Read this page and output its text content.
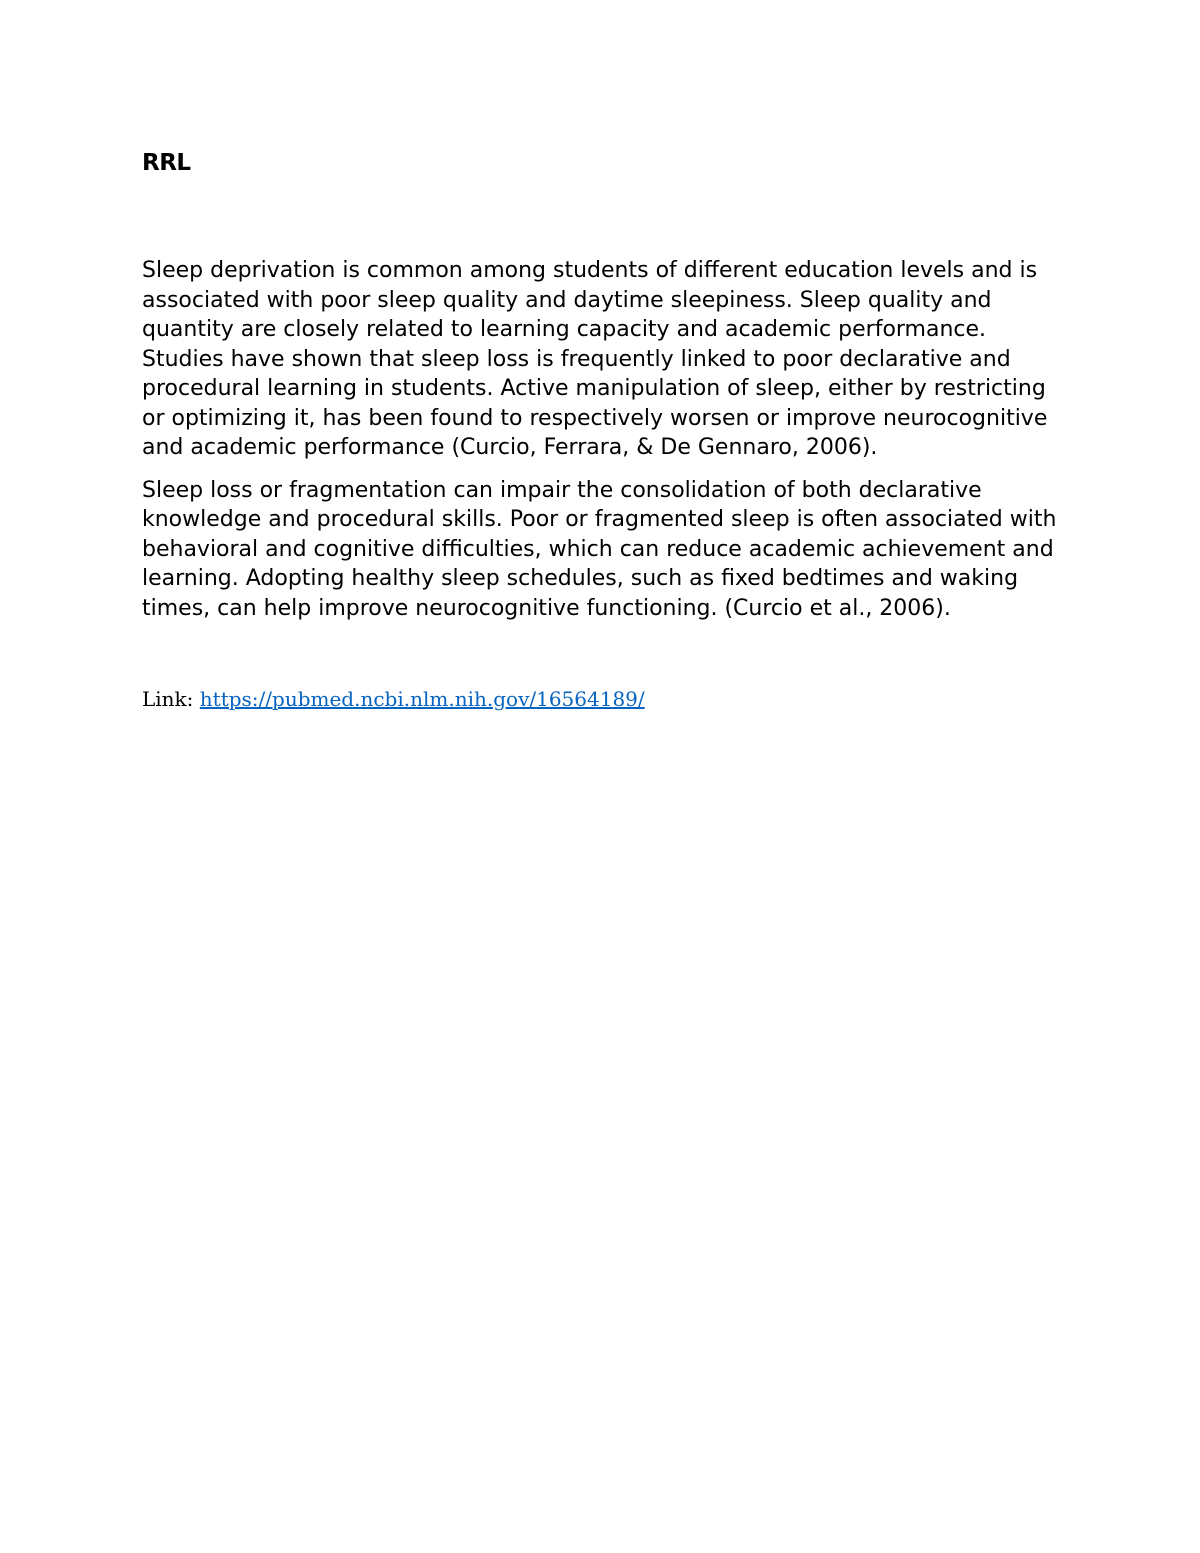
RRL

Sleep deprivation is common among students of different education levels and is associated with poor sleep quality and daytime sleepiness. Sleep quality and quantity are closely related to learning capacity and academic performance. Studies have shown that sleep loss is frequently linked to poor declarative and procedural learning in students. Active manipulation of sleep, either by restricting or optimizing it, has been found to respectively worsen or improve neurocognitive and academic performance (Curcio, Ferrara, & De Gennaro, 2006).

Sleep loss or fragmentation can impair the consolidation of both declarative knowledge and procedural skills. Poor or fragmented sleep is often associated with behavioral and cognitive difficulties, which can reduce academic achievement and learning. Adopting healthy sleep schedules, such as fixed bedtimes and waking times, can help improve neurocognitive functioning. (Curcio et al., 2006).

Link: https://pubmed.ncbi.nlm.nih.gov/16564189/
